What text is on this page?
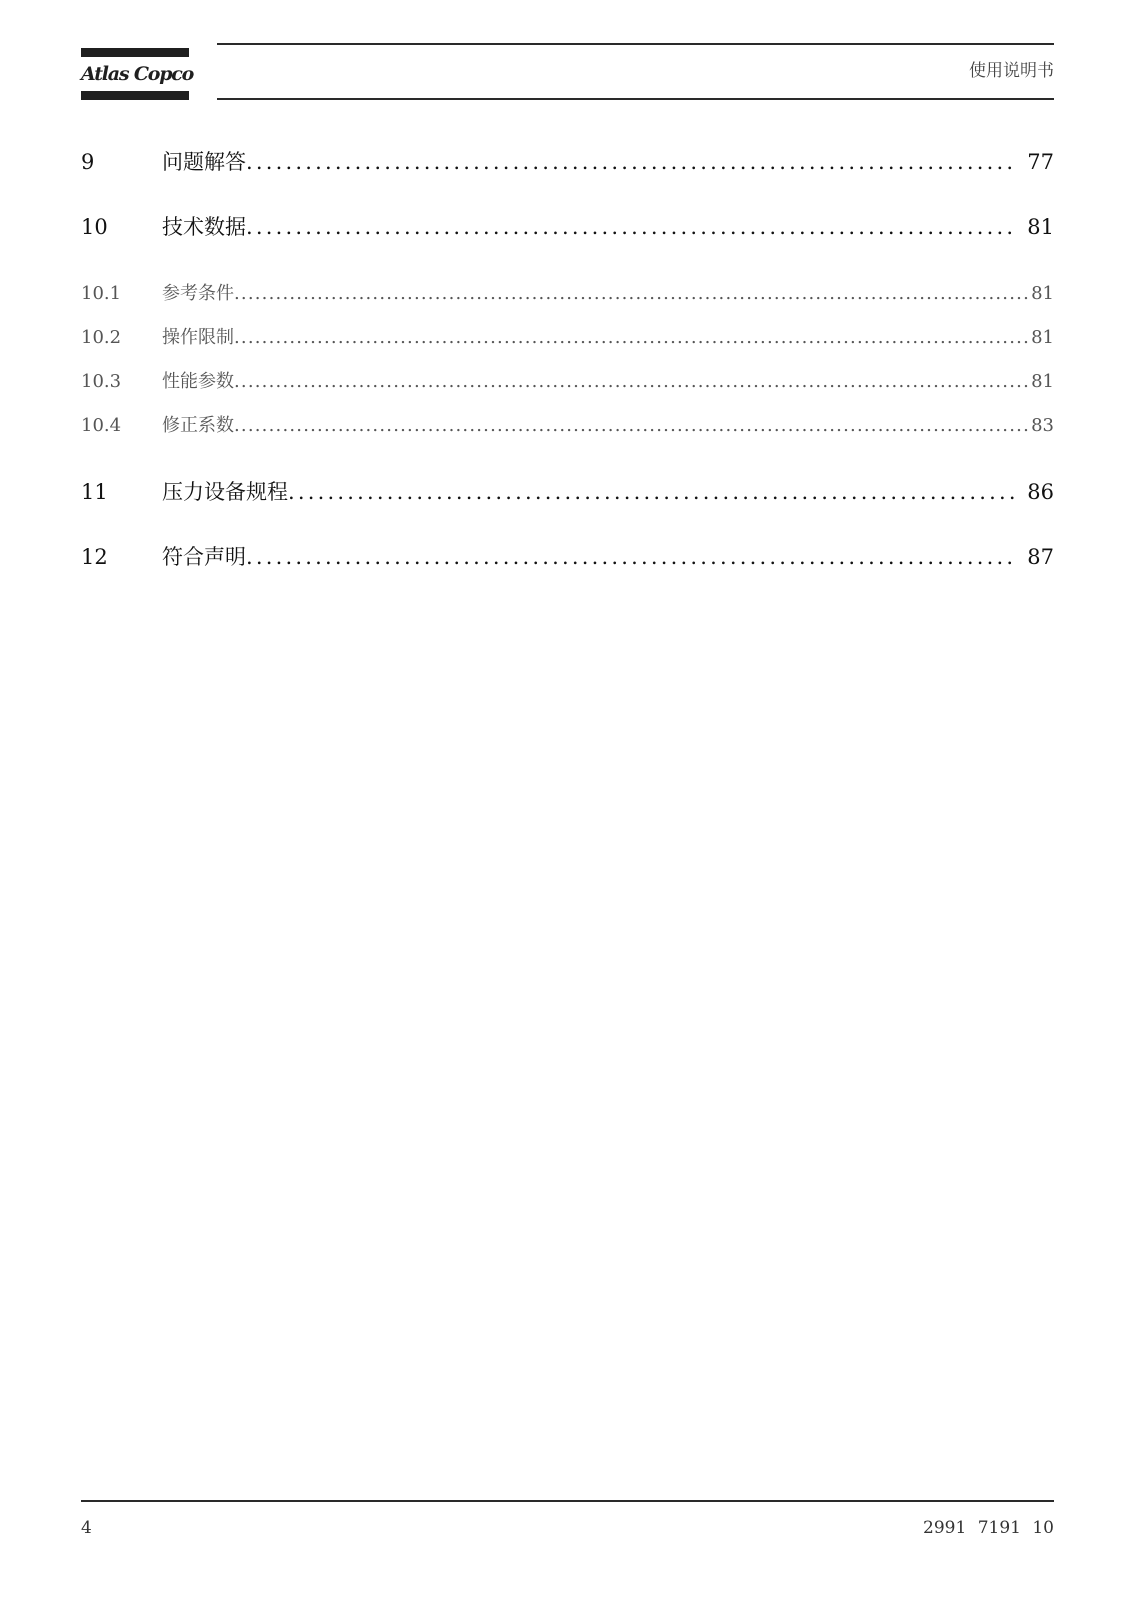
Atlas Copco	使用说明书
9	问题解答 .....	77
10	技术数据 .....	81
10.1	参考条件 .....	81
10.2	操作限制 .....	81
10.3	性能参数 .....	81
10.4	修正系数 .....	83
11	压力设备规程 .....	86
12	符合声明 .....	87
4	2991 7191 10
